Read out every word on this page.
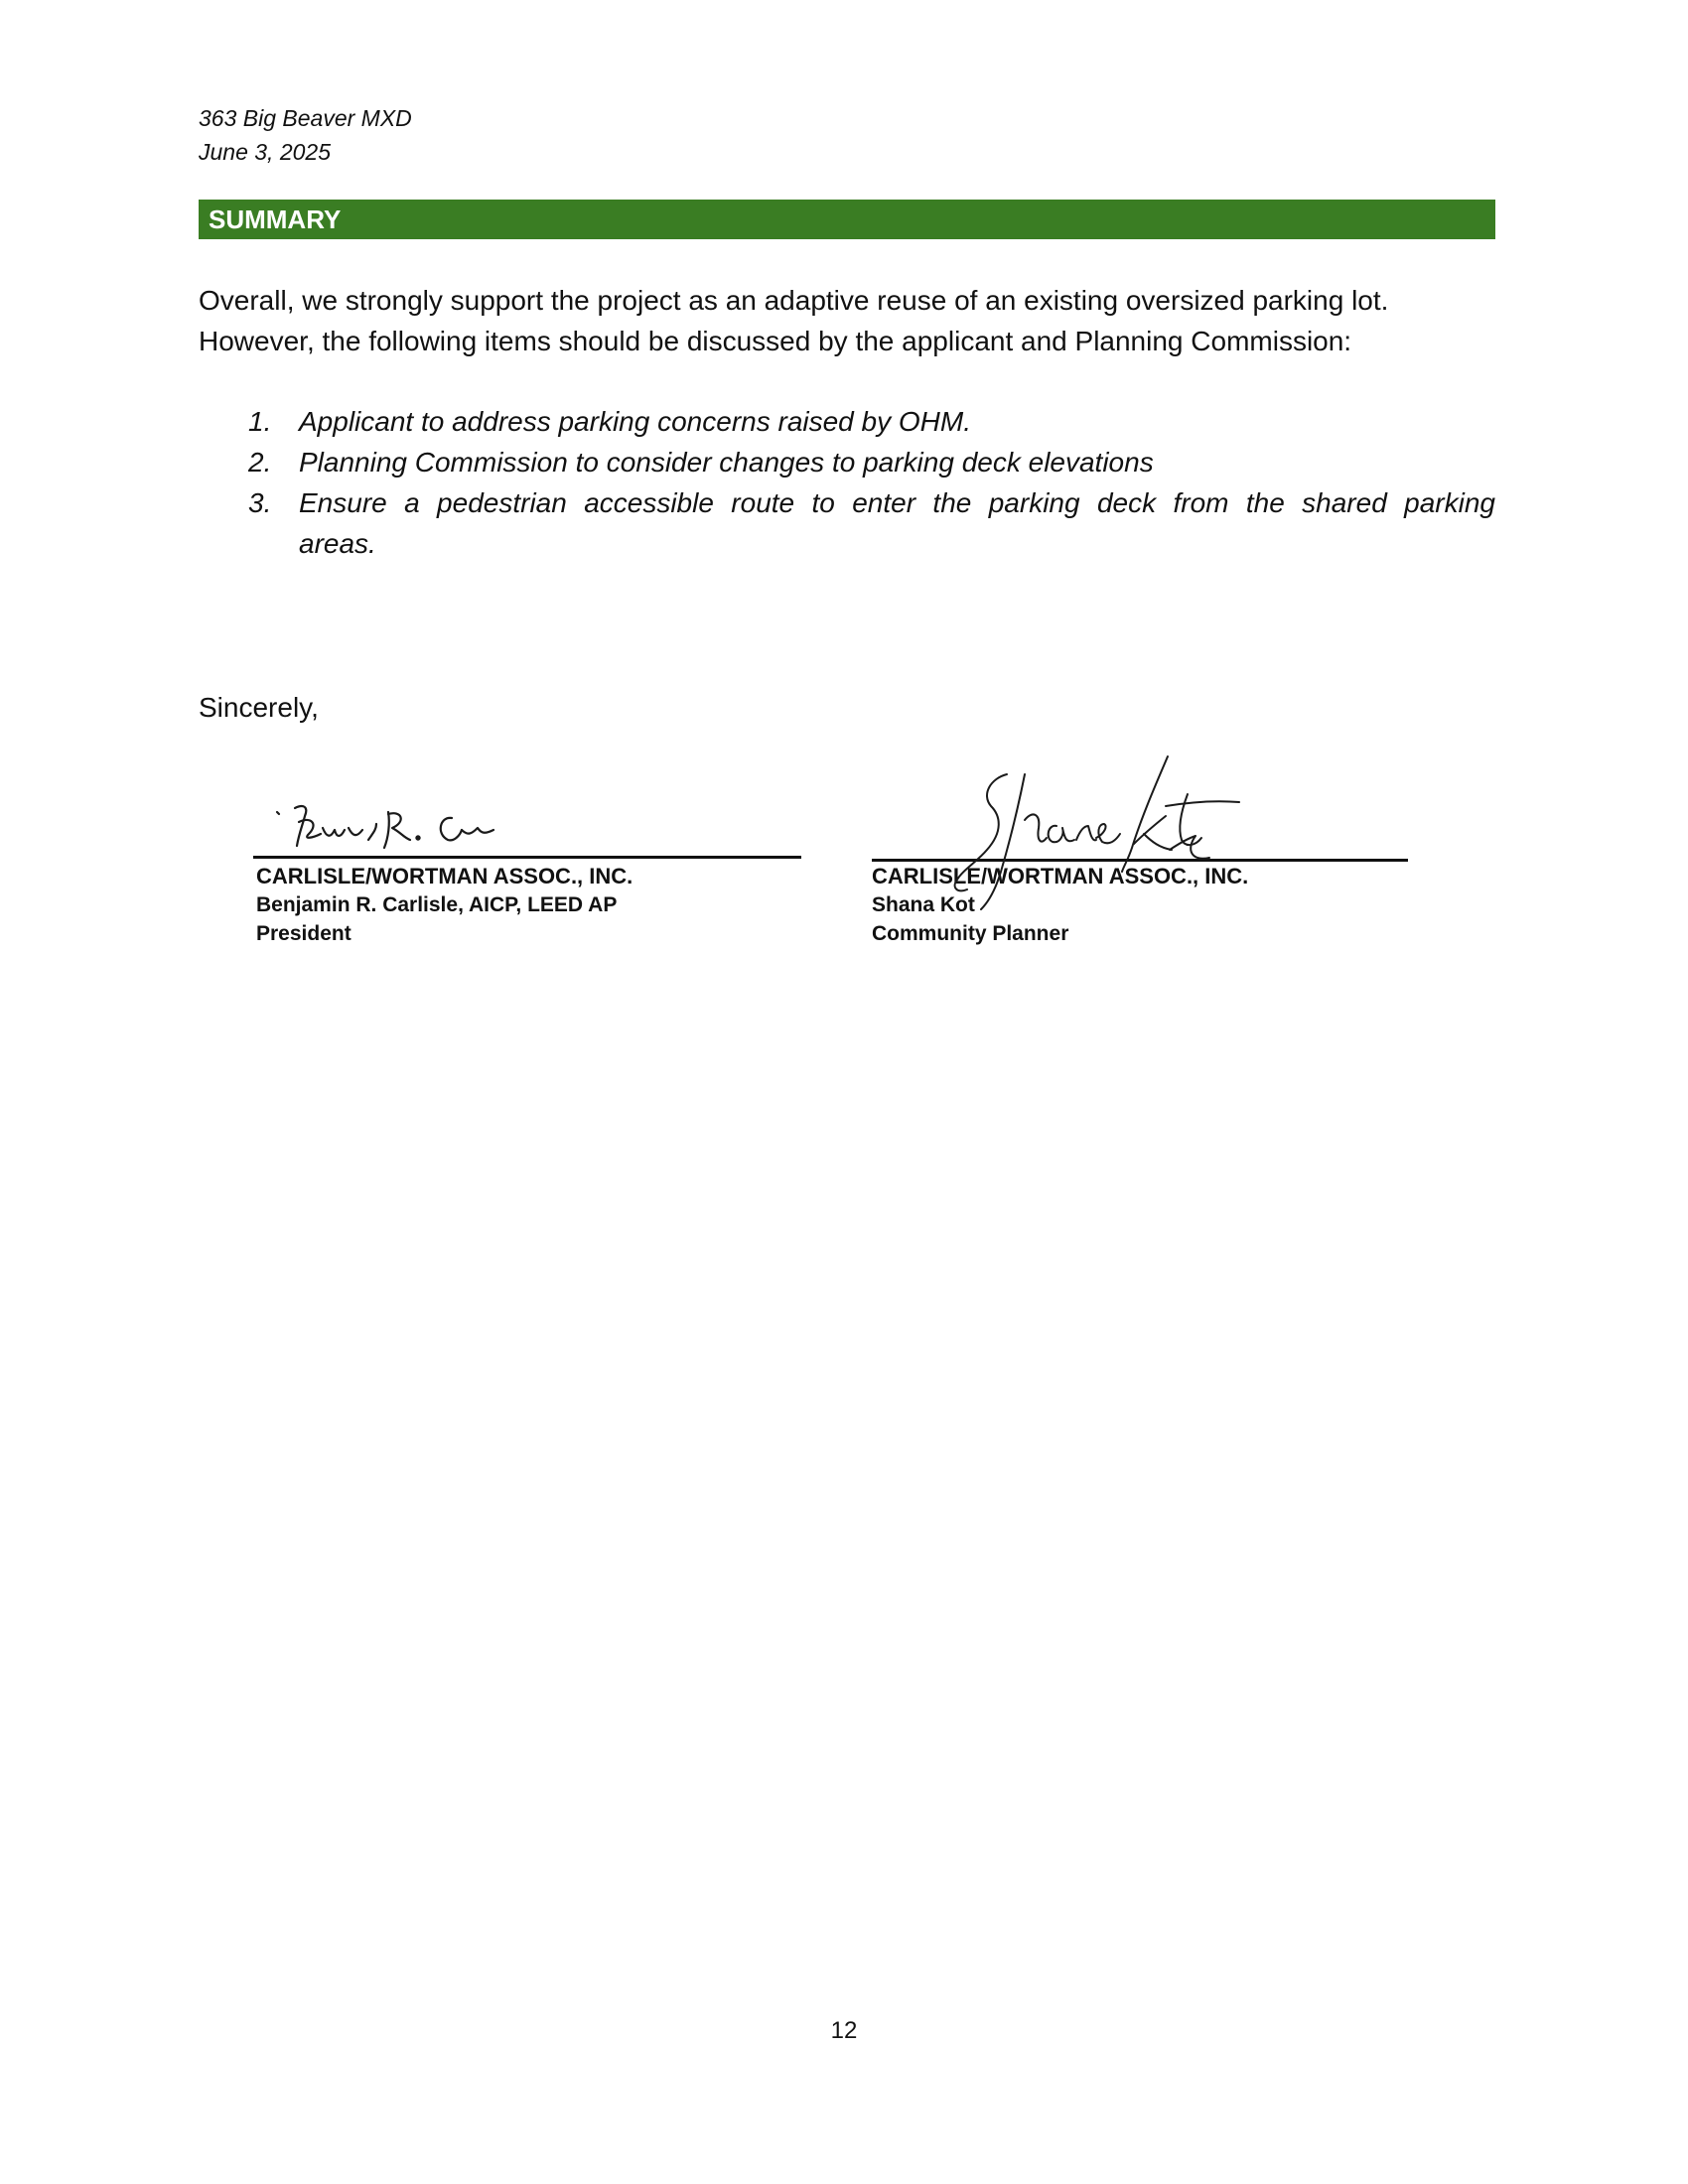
363 Big Beaver MXD
June 3, 2025
SUMMARY
Overall, we strongly support the project as an adaptive reuse of an existing oversized parking lot.
However, the following items should be discussed by the applicant and Planning Commission:
1. Applicant to address parking concerns raised by OHM.
2. Planning Commission to consider changes to parking deck elevations
3. Ensure a pedestrian accessible route to enter the parking deck from the shared parking
areas.
Sincerely,
CARLISLE/WORTMAN ASSOC., INC.
Benjamin R. Carlisle, AICP, LEED AP
President
CARLISLE/WORTMAN ASSOC., INC.
Shana Kot
Community Planner
12
